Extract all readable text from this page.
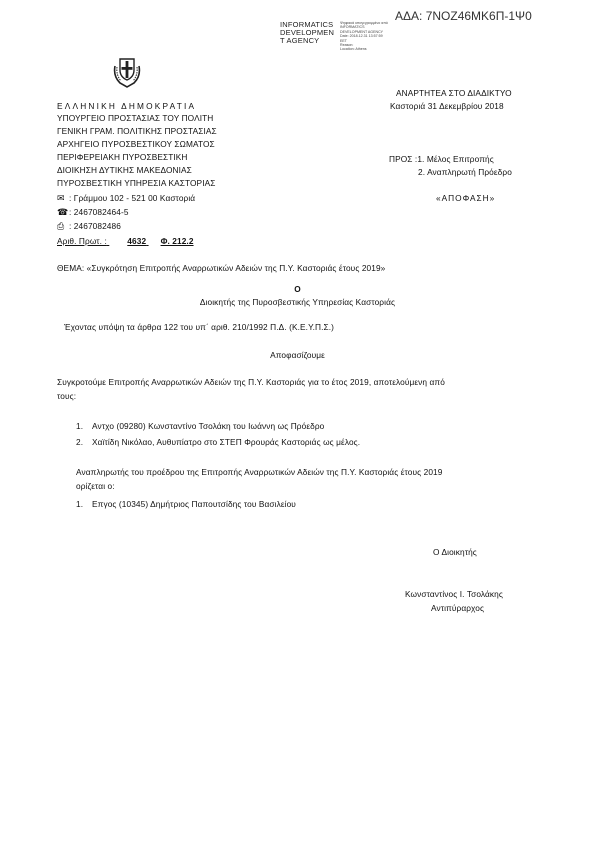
ΑΔΑ: 7ΝΟΖ46ΜΚ6Π-1Ψ0
INFORMATICS
DEVELOPMEN
T AGENCY
Ψηφιακά υπογεγραμμένο από
INFORMATICS
DEVELOPMENT AGENCY
Date: 2018.12.31 13:57:59
EET
Reason:
Location: Athens
ΕΛΛΗΝΙΚΗ ΔΗΜΟΚΡΑΤΙΑ
ΥΠΟΥΡΓΕΙΟ ΠΡΟΣΤΑΣΙΑΣ ΤΟΥ ΠΟΛΙΤΗ
ΓΕΝΙΚΗ ΓΡΑΜ. ΠΟΛΙΤΙΚΗΣ ΠΡΟΣΤΑΣΙΑΣ
ΑΡΧΗΓΕΙΟ ΠΥΡΟΣΒΕΣΤΙΚΟΥ ΣΩΜΑΤΟΣ
ΠΕΡΙΦΕΡΕΙΑΚΗ ΠΥΡΟΣΒΕΣΤΙΚΗ
ΔΙΟΙΚΗΣΗ ΔΥΤΙΚΗΣ ΜΑΚΕΔΟΝΙΑΣ
ΠΥΡΟΣΒΕΣΤΙΚΗ ΥΠΗΡΕΣΙΑ ΚΑΣΤΟΡΙΑΣ
✉ : Γράμμου 102 - 521 00 Καστοριά
☎: 2467082464-5
⎙ : 2467082486
Αριθ. Πρωτ. : 4632 Φ. 212.2
ΑΝΑΡΤΗΤΕΑ ΣΤΟ ΔΙΑΔΙΚΤΥΟ
Καστοριά 31 Δεκεμβρίου 2018
ΠΡΟΣ :1. Μέλος Επιτροπής
2. Αναπληρωτή Πρόεδρο
«ΑΠΟΦΑΣΗ»
ΘΕΜΑ: «Συγκρότηση Επιτροπής Αναρρωτικών Αδειών της Π.Υ. Καστοριάς έτους 2019»
Ο
Διοικητής της Πυροσβεστικής Υπηρεσίας Καστοριάς
Έχοντας υπόψη τα άρθρα 122 του υπ΄ αριθ. 210/1992 Π.Δ. (Κ.Ε.Υ.Π.Σ.)
Αποφασίζουμε
Συγκροτούμε Επιτροπής Αναρρωτικών Αδειών της Π.Υ. Καστοριάς για το έτος 2019, αποτελούμενη από
τους:
1. Αντχο (09280) Κωνσταντίνο Τσολάκη του Ιωάννη ως Πρόεδρο
2. Χαϊτίδη Νικόλαο, Αυθυπίατρο στο ΣΤΕΠ Φρουράς Καστοριάς ως μέλος.
Αναπληρωτής του προέδρου της Επιτροπής Αναρρωτικών Αδειών της Π.Υ. Καστοριάς έτους 2019
ορίζεται ο:
1. Επγος (10345) Δημήτριος Παπουτσίδης του Βασιλείου
Ο Διοικητής
Κωνσταντίνος Ι. Τσολάκης
Αντιπύραρχος
